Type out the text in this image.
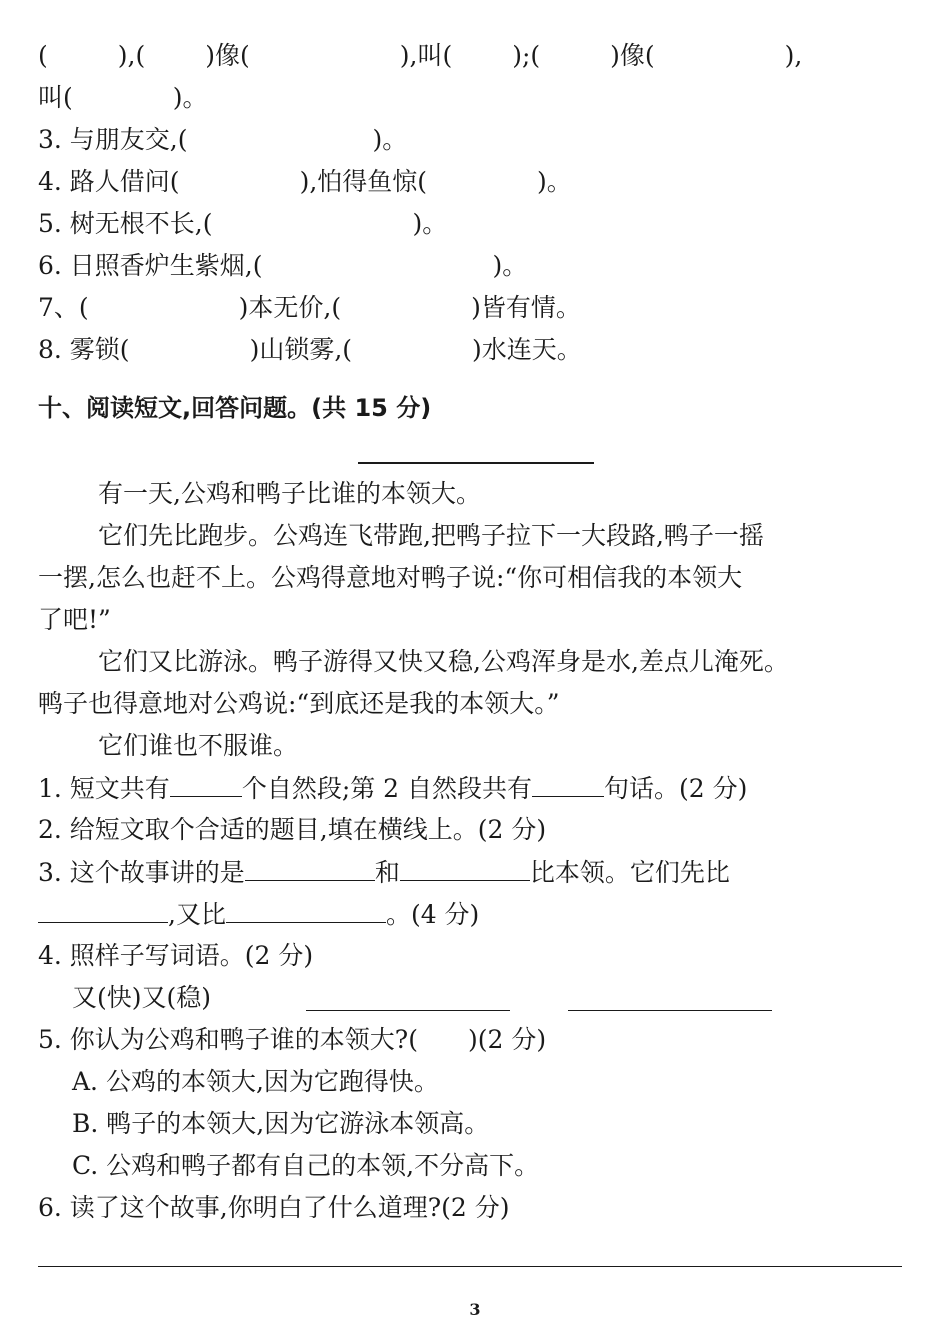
(	),( )像(	),叫( );(	)像(	),
叫(	)。
3. 与朋友交,(	)。
4. 路人借问(	),怕得鱼惊(	)。
5. 树无根不长,(	)。
6. 日照香炉生紫烟,(	)。
7、(	)本无价,(	)皆有情。
8. 雾锁(	)山锁雾,(	)水连天。
十、阅读短文,回答问题。(共 15 分)
有一天,公鸡和鸭子比谁的本领大。
它们先比跑步。公鸡连飞带跑,把鸭子拉下一大段路,鸭子一摇
一摆,怎么也赶不上。公鸡得意地对鸭子说:“你可相信我的本领大
了吧!”
它们又比游泳。鸭子游得又快又稳,公鸡浑身是水,差点儿淹死。
鸭子也得意地对公鸡说:“到底还是我的本领大。”
它们谁也不服谁。
1. 短文共有	个自然段;第 2 自然段共有	句话。(2 分)
2. 给短文取个合适的题目,填在横线上。(2 分)
3. 这个故事讲的是	和	比本领。它们先比
,又比	。(4 分)
4. 照样子写词语。(2 分)
又(快)又(稳)
5. 你认为公鸡和鸭子谁的本领大?( )(2 分)
A. 公鸡的本领大,因为它跑得快。
B. 鸭子的本领大,因为它游泳本领高。
C. 公鸡和鸭子都有自己的本领,不分高下。
6. 读了这个故事,你明白了什么道理?(2 分)
3
